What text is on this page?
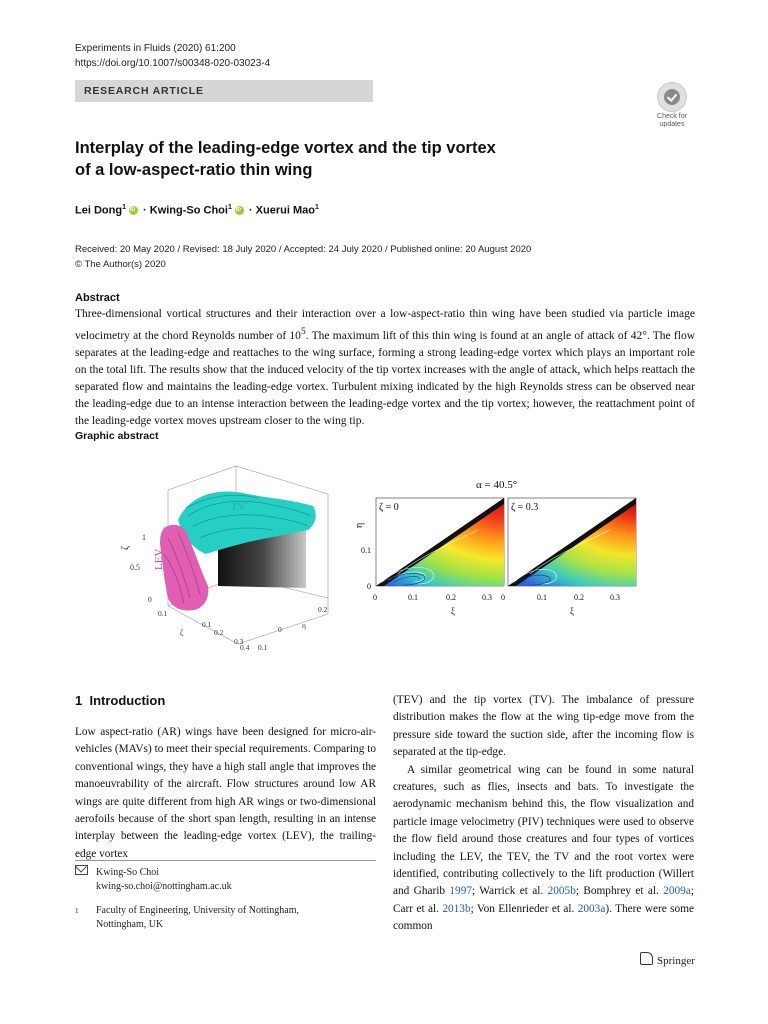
Experiments in Fluids (2020) 61:200
https://doi.org/10.1007/s00348-020-03023-4
RESEARCH ARTICLE
Check for
updates
Interplay of the leading-edge vortex and the tip vortex
of a low-aspect-ratio thin wing
Lei Dong$^1$iD · Kwing-So Choi$^1$iD · Xuerui Mao$^1$
Received: 20 May 2020 / Revised: 18 July 2020 / Accepted: 24 July 2020 / Published online: 20 August 2020
© The Author(s) 2020
Abstract
Three-dimensional vortical structures and their interaction over a low-aspect-ratio thin wing have been studied via particle image velocimetry at the chord Reynolds number of $10^5$. The maximum lift of this thin wing is found at an angle of attack of 42°. The flow separates at the leading-edge and reattaches to the wing surface, forming a strong leading-edge vortex which plays an important role on the total lift. The results show that the induced velocity of the tip vortex increases with the angle of attack, which helps reattach the separated flow and maintains the leading-edge vortex. Turbulent mixing indicated by the high Reynolds stress can be observed near the leading-edge due to an intense interaction between the leading-edge vortex and the tip vortex; however, the reattachment point of the leading-edge vortex moves upstream closer to the wing tip.
Graphic abstract
TV
LEV
ζ
1
0.5
0
0.1
0.1
ζ	0.2
0.3
0.4 0.1
0	η
0.2
α = 40.5°
ζ = 0	ζ = 0.3
η
0.1
0
0	0.1	0.2	0.3
ξ
0	0.1	0.2	0.3
ξ
1 Introduction
Low aspect-ratio (AR) wings have been designed for micro-air-vehicles (MAVs) to meet their special requirements. Comparing to conventional wings, they have a high stall angle that improves the manoeuvrability of the aircraft. Flow structures around low AR wings are quite different from high AR wings or two-dimensional aerofoils because of the short span length, resulting in an intense interplay between the leading-edge vortex (LEV), the trailing-edge vortex

(TEV) and the tip vortex (TV). The imbalance of pressure distribution makes the flow at the wing tip-edge move from the pressure side toward the suction side, after the incoming flow is separated at the tip-edge.

A similar geometrical wing can be found in some natural creatures, such as flies, insects and bats. To investigate the aerodynamic mechanism behind this, the flow visualization and particle image velocimetry (PIV) techniques were used to observe the flow field around those creatures and four types of vortices including the LEV, the TEV, the TV and the root vortex were identified, contributing collectively to the lift production (Willert and Gharib 1997; Warrick et al. 2005b; Bomphrey et al. 2009a; Carr et al. 2013b; Von Ellenrieder et al. 2003a). There were some common

Kwing-So Choi
kwing-so.choi@nottingham.ac.uk
1 Faculty of Engineering, University of Nottingham,
Nottingham, UK
Springer
